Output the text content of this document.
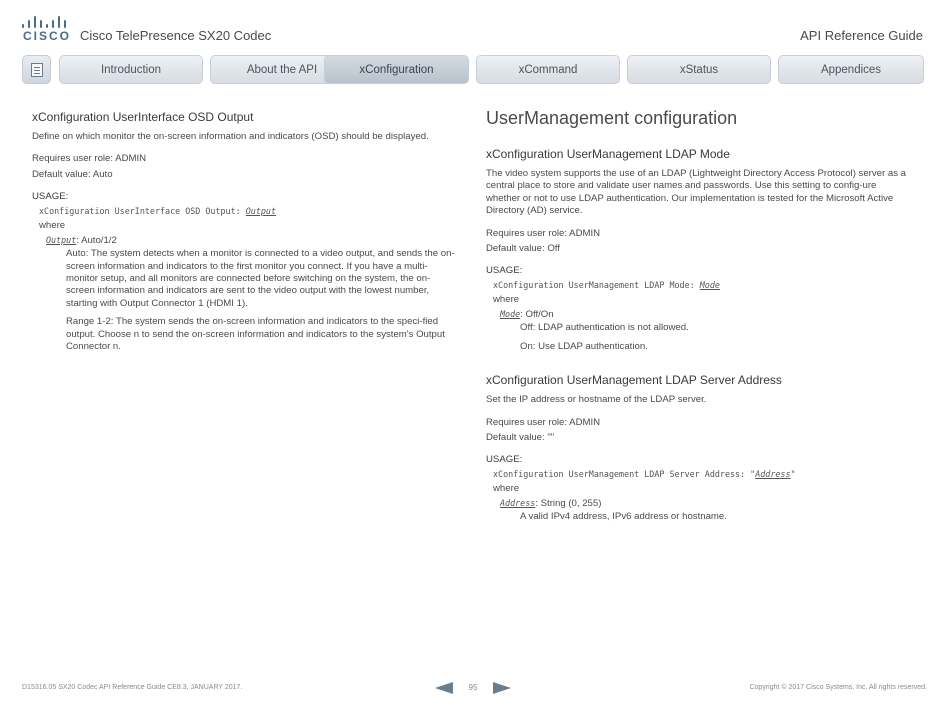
CISCO Cisco TelePresence SX20 Codec	API Reference Guide
Introduction	About the API	xConfiguration	xCommand	xStatus	Appendices
xConfiguration UserInterface OSD Output

Define on which monitor the on-screen information and indicators (OSD) should be displayed.

Requires user role: ADMIN

Default value: Auto

USAGE:
xConfiguration UserInterface OSD Output: Output
where
Output: Auto/1/2

Auto: The system detects when a monitor is connected to a video output, and sends the on-screen information and indicators to the first monitor you connect. If you have a multi-monitor setup, and all monitors are connected before switching on the system, the on-screen information and indicators are sent to the video output with the lowest number, starting with Output Connector 1 (HDMI 1).

Range 1-2: The system sends the on-screen information and indicators to the speci-fied output. Choose n to send the on-screen information and indicators to the system's Output Connector n.

UserManagement configuration
xConfiguration UserManagement LDAP Mode

The video system supports the use of an LDAP (Lightweight Directory Access Protocol) server as a central place to store and validate user names and passwords. Use this setting to config-ure whether or not to use LDAP authentication. Our implementation is tested for the Microsoft Active Directory (AD) service.

Requires user role: ADMIN

Default value: Off

USAGE:
xConfiguration UserManagement LDAP Mode: Mode
where
Mode: Off/On

Off: LDAP authentication is not allowed.

On: Use LDAP authentication.

xConfiguration UserManagement LDAP Server Address

Set the IP address or hostname of the LDAP server.

Requires user role: ADMIN

Default value: ""

USAGE:
xConfiguration UserManagement LDAP Server Address: "Address"
where
Address: String (0, 255)

A valid IPv4 address, IPv6 address or hostname.

D15316.05 SX20 Codec API Reference Guide CE8.3, JANUARY 2017.	95	Copyright © 2017 Cisco Systems, Inc. All rights reserved.
